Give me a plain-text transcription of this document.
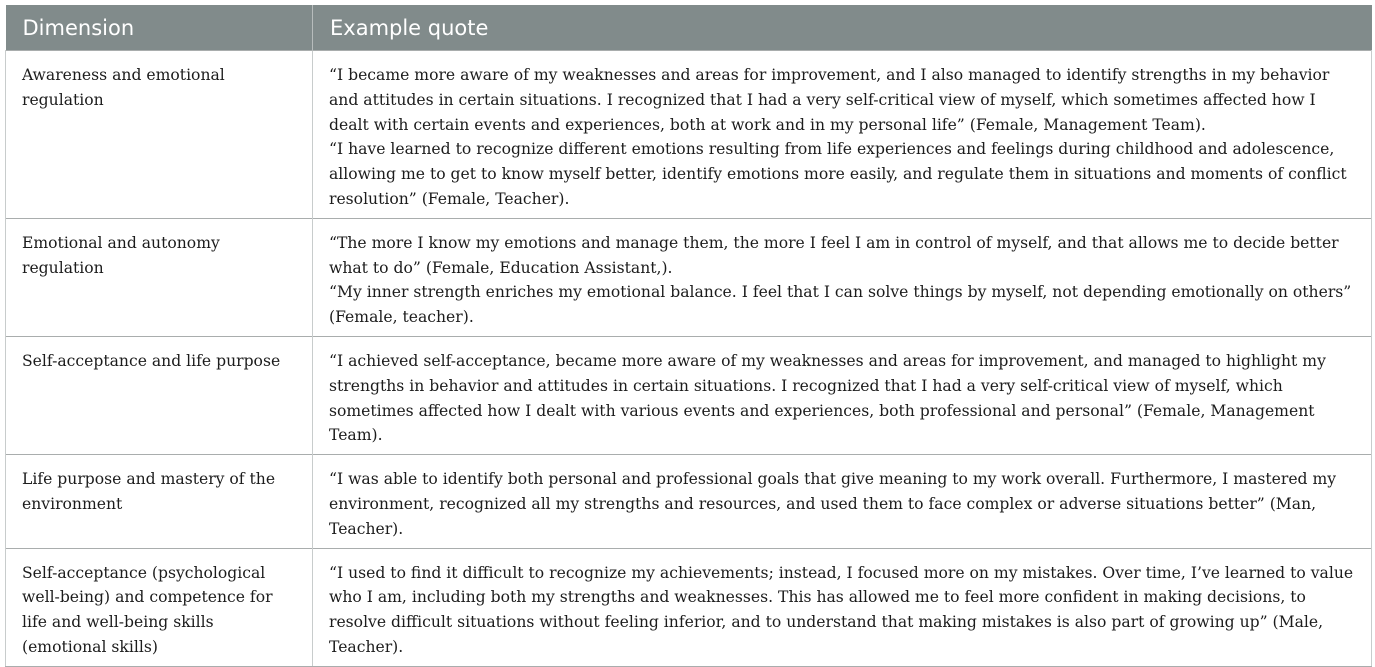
Dimension	Example quote
Awareness and emotional regulation	“I became more aware of my weaknesses and areas for improvement, and I also managed to identify strengths in my behavior and attitudes in certain situations. I recognized that I had a very self-critical view of myself, which sometimes affected how I dealt with certain events and experiences, both at work and in my personal life” (Female, Management Team).
“I have learned to recognize different emotions resulting from life experiences and feelings during childhood and adolescence, allowing me to get to know myself better, identify emotions more easily, and regulate them in situations and moments of conflict resolution” (Female, Teacher).

Emotional and autonomy regulation	“The more I know my emotions and manage them, the more I feel I am in control of myself, and that allows me to decide better what to do” (Female, Education Assistant,).
“My inner strength enriches my emotional balance. I feel that I can solve things by myself, not depending emotionally on others” (Female, teacher).

Self-acceptance and life purpose	“I achieved self-acceptance, became more aware of my weaknesses and areas for improvement, and managed to highlight my strengths in behavior and attitudes in certain situations. I recognized that I had a very self-critical view of myself, which sometimes affected how I dealt with various events and experiences, both professional and personal” (Female, Management Team).

Life purpose and mastery of the environment	“I was able to identify both personal and professional goals that give meaning to my work overall. Furthermore, I mastered my environment, recognized all my strengths and resources, and used them to face complex or adverse situations better” (Man, Teacher).

Self-acceptance (psychological well-being) and competence for life and well-being skills (emotional skills)	“I used to find it difficult to recognize my achievements; instead, I focused more on my mistakes. Over time, I’ve learned to value who I am, including both my strengths and weaknesses. This has allowed me to feel more confident in making decisions, to resolve difficult situations without feeling inferior, and to understand that making mistakes is also part of growing up” (Male, Teacher).
